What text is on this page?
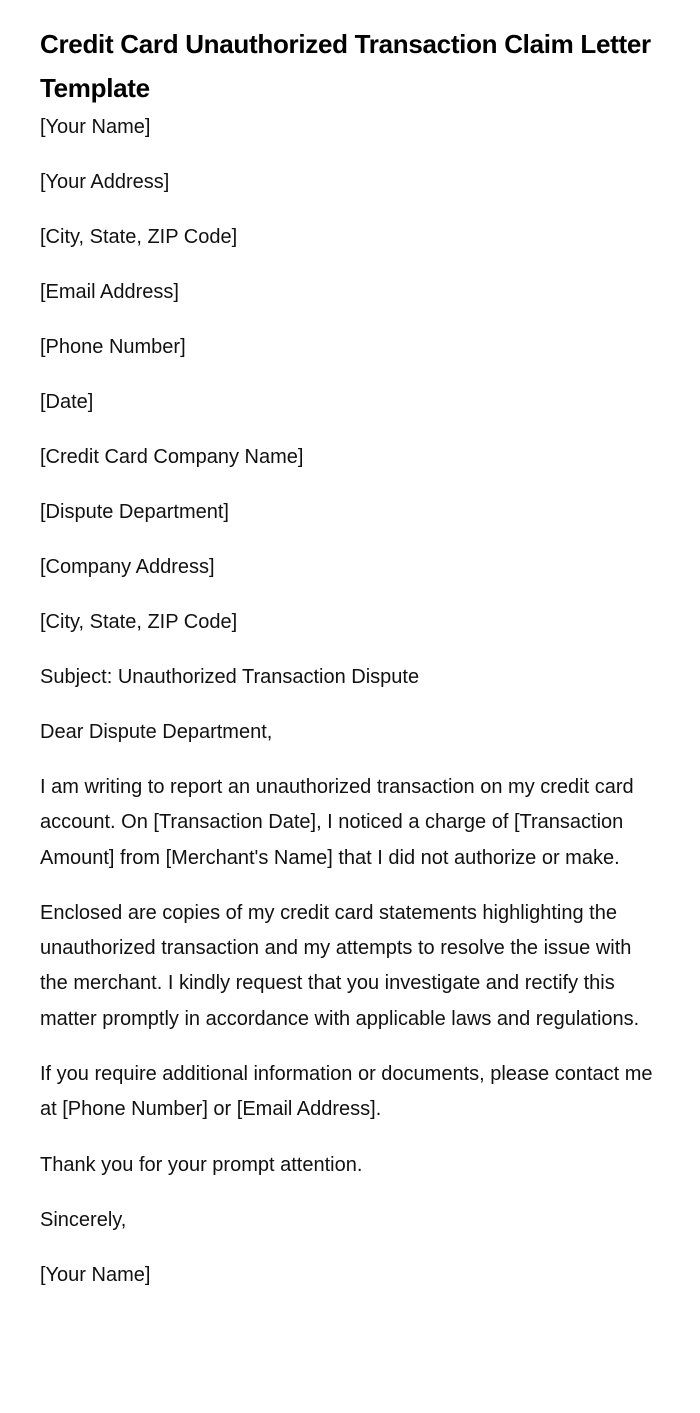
Credit Card Unauthorized Transaction Claim Letter Template

[Your Name]

[Your Address]

[City, State, ZIP Code]

[Email Address]

[Phone Number]

[Date]

[Credit Card Company Name]

[Dispute Department]

[Company Address]

[City, State, ZIP Code]

Subject: Unauthorized Transaction Dispute

Dear Dispute Department,

I am writing to report an unauthorized transaction on my credit card account. On [Transaction Date], I noticed a charge of [Transaction Amount] from [Merchant's Name] that I did not authorize or make.

Enclosed are copies of my credit card statements highlighting the unauthorized transaction and my attempts to resolve the issue with the merchant. I kindly request that you investigate and rectify this matter promptly in accordance with applicable laws and regulations.

If you require additional information or documents, please contact me at [Phone Number] or [Email Address].

Thank you for your prompt attention.

Sincerely,

[Your Name]
